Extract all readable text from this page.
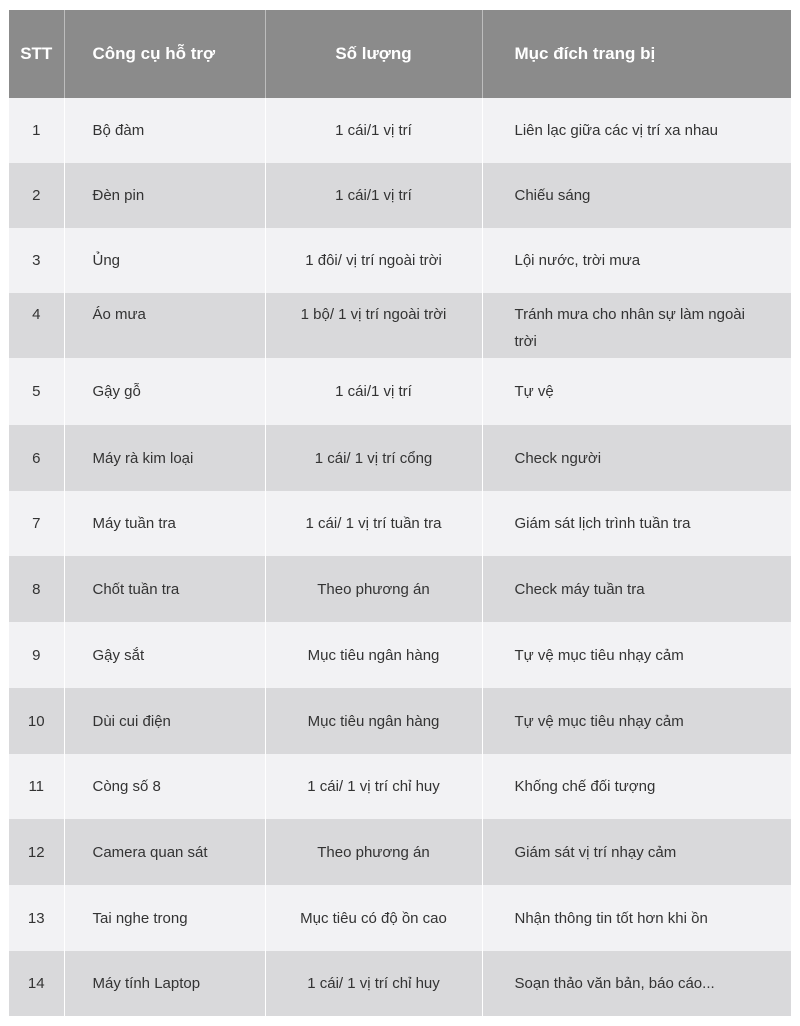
STT	Công cụ hỗ trợ	Số lượng	Mục đích trang bị
1	Bộ đàm	1 cái/1 vị trí	Liên lạc giữa các vị trí xa nhau
2	Đèn pin	1 cái/1 vị trí	Chiếu sáng
3	Ủng	1 đôi/ vị trí ngoài trời	Lội nước, trời mưa
4	Áo mưa	1 bộ/ 1 vị trí ngoài trời	Tránh mưa cho nhân sự làm ngoài trời
5	Gậy gỗ	1 cái/1 vị trí	Tự vệ
6	Máy rà kim loại	1 cái/ 1 vị trí cổng	Check người
7	Máy tuần tra	1 cái/ 1 vị trí tuần tra	Giám sát lịch trình tuần tra
8	Chốt tuần tra	Theo phương án	Check máy tuần tra
9	Gậy sắt	Mục tiêu ngân hàng	Tự vệ mục tiêu nhạy cảm
10	Dùi cui điện	Mục tiêu ngân hàng	Tự vệ mục tiêu nhạy cảm
11	Còng số 8	1 cái/ 1 vị trí chỉ huy	Khống chế đối tượng
12	Camera quan sát	Theo phương án	Giám sát vị trí nhạy cảm
13	Tai nghe trong	Mục tiêu có độ ồn cao	Nhận thông tin tốt hơn khi ồn
14	Máy tính Laptop	1 cái/ 1 vị trí chỉ huy	Soạn thảo văn bản, báo cáo...
